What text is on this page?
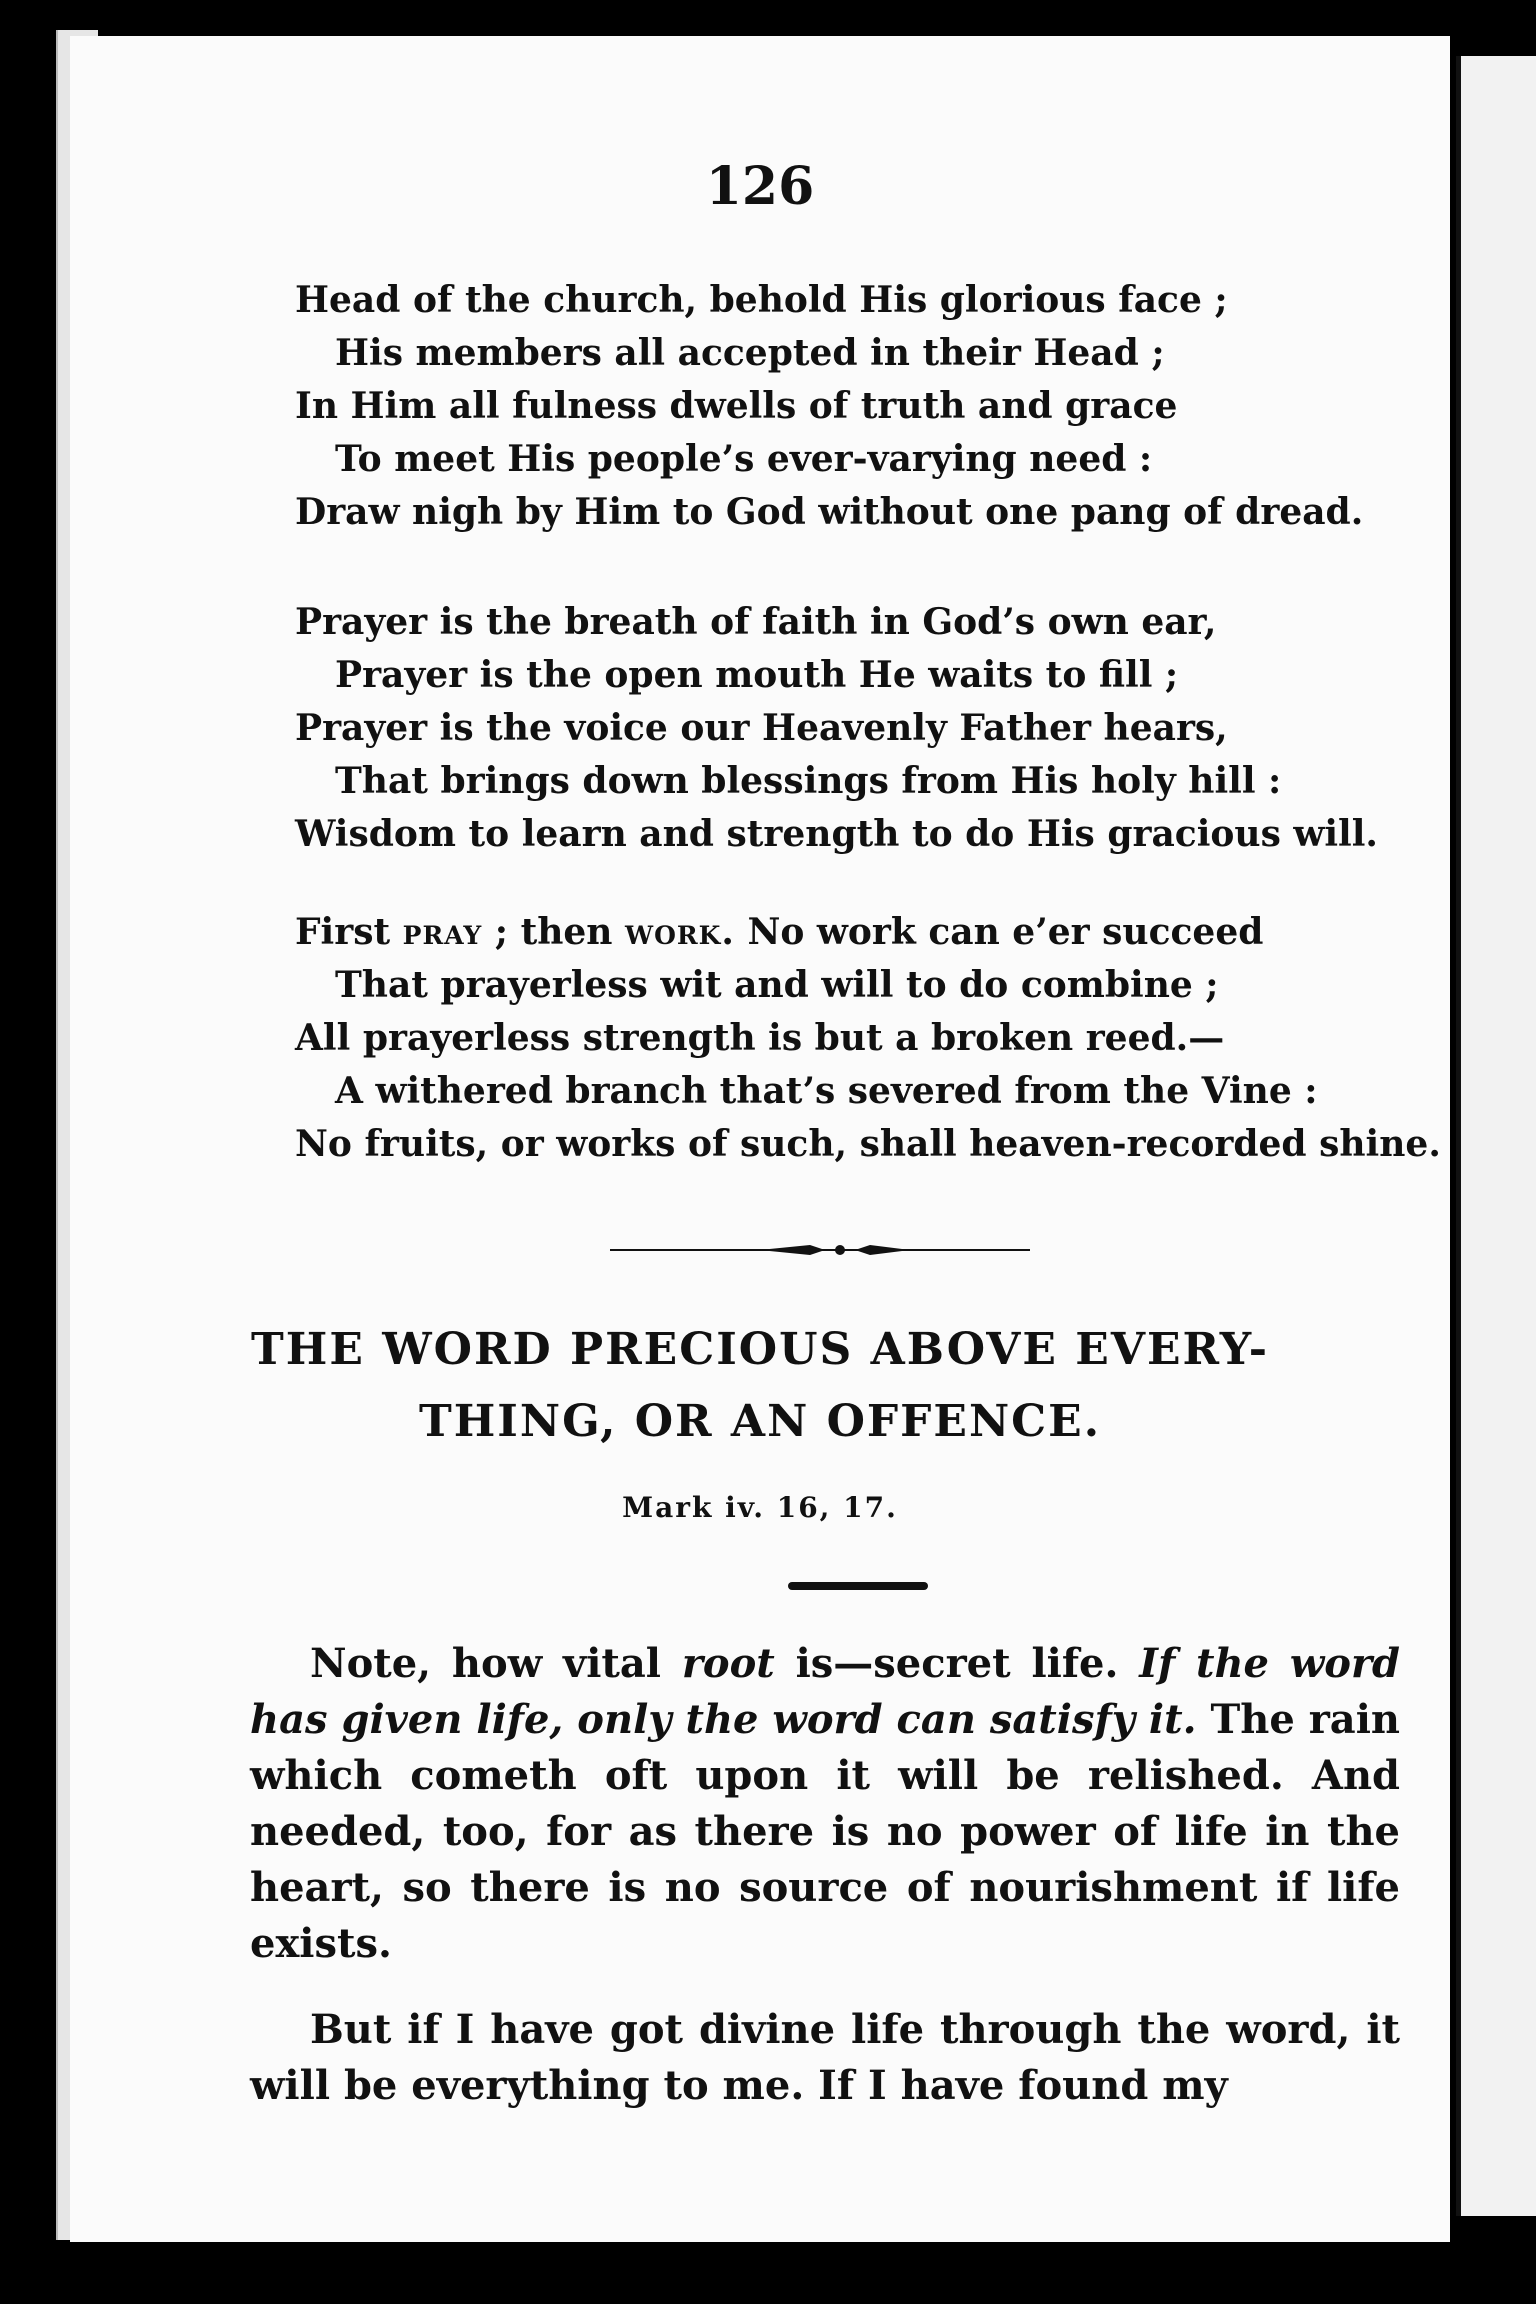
126
Head of the church, behold His glorious face ;
His members all accepted in their Head ;
In Him all fulness dwells of truth and grace
To meet His people’s ever-varying need :
Draw nigh by Him to God without one pang of dread.
Prayer is the breath of faith in God’s own ear,
Prayer is the open mouth He waits to fill ;
Prayer is the voice our Heavenly Father hears,
That brings down blessings from His holy hill :
Wisdom to learn and strength to do His gracious will.
First pray ; then work. No work can e’er succeed
That prayerless wit and will to do combine ;
All prayerless strength is but a broken reed.—
A withered branch that’s severed from the Vine :
No fruits, or works of such, shall heaven-recorded shine.
THE WORD PRECIOUS ABOVE EVERY-
THING, OR AN OFFENCE.
Mark iv. 16, 17.

Note, how vital root is—secret life. If the word has given life, only the word can satisfy it. The rain which cometh oft upon it will be relished. And needed, too, for as there is no power of life in the heart, so there is no source of nourishment if life exists.

But if I have got divine life through the word, it will be everything to me. If I have found my
